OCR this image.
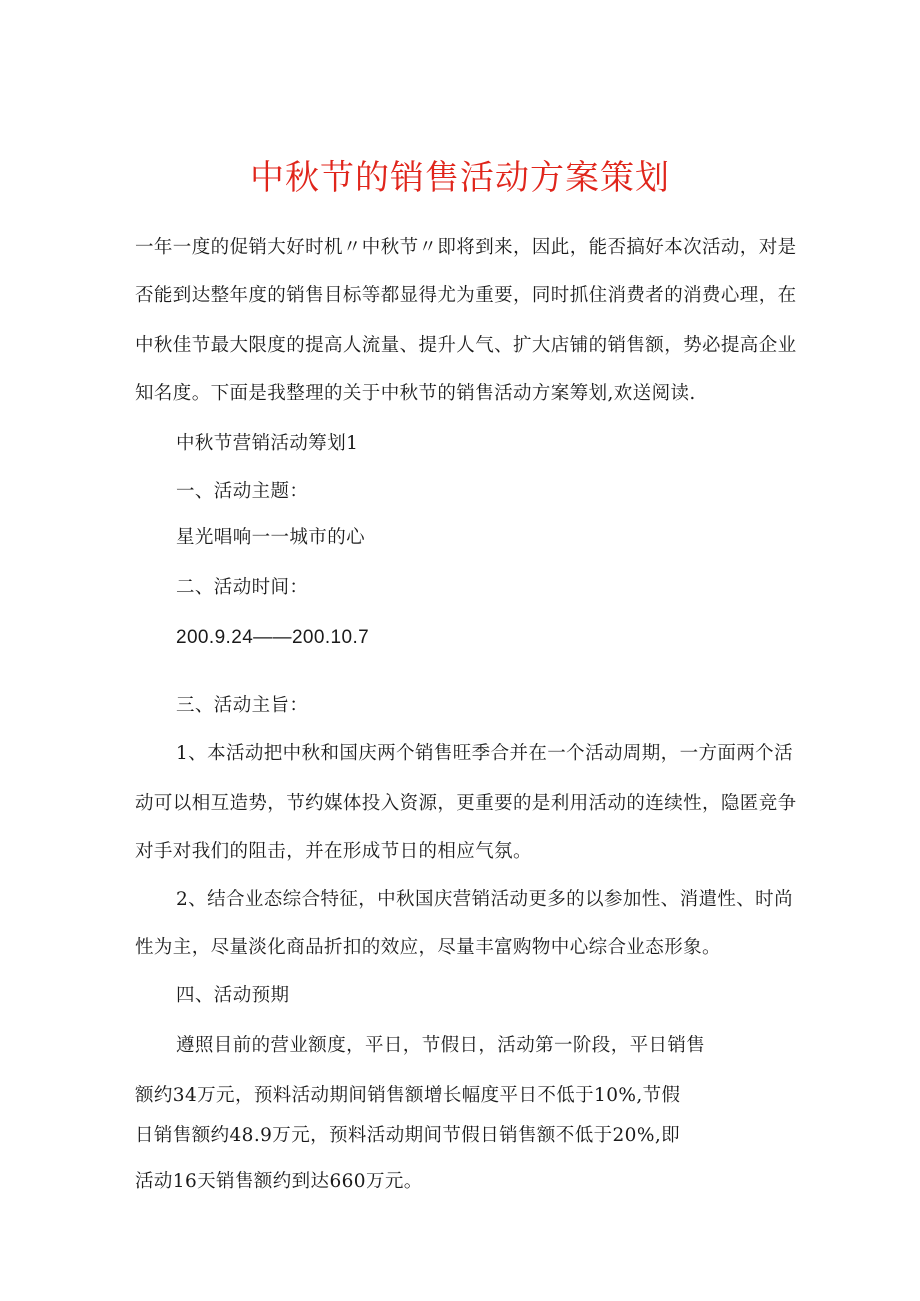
中秋节的销售活动方案策划
一年一度的促销大好时机〃中秋节〃即将到来，因此，能否搞好本次活动，对是
否能到达整年度的销售目标等都显得尤为重要，同时抓住消费者的消费心理，在
中秋佳节最大限度的提高人流量、提升人气、扩大店铺的销售额，势必提高企业
知名度。下面是我整理的关于中秋节的销售活动方案筹划,欢送阅读.
中秋节营销活动筹划1
一、活动主题：
星光唱响一一城市的心
二、活动时间：
200.9.24——200.10.7
三、活动主旨：
1、本活动把中秋和国庆两个销售旺季合并在一个活动周期，一方面两个活
动可以相互造势，节约媒体投入资源，更重要的是利用活动的连续性，隐匿竞争
对手对我们的阻击，并在形成节日的相应气氛。
2、结合业态综合特征，中秋国庆营销活动更多的以参加性、消遣性、时尚
性为主，尽量淡化商品折扣的效应，尽量丰富购物中心综合业态形象。
四、活动预期
遵照目前的营业额度，平日，节假日，活动第一阶段，平日销售
额约34万元，预料活动期间销售额增长幅度平日不低于10%,节假
日销售额约48.9万元，预料活动期间节假日销售额不低于20%,即
活动16天销售额约到达660万元。
